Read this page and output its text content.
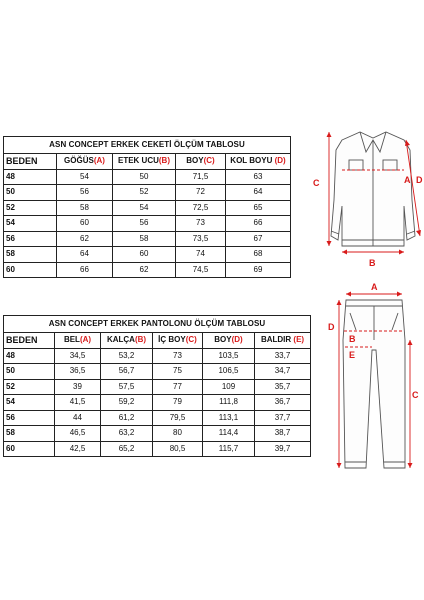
ASN CONCEPT ERKEK CEKETİ ÖLÇÜM TABLOSU				
BEDEN	GÖĞÜS(A)	ETEK UCU(B)	BOY(C)	KOL BOYU (D)
48	54	50	71,5	63
50	56	52	72	64
52	58	54	72,5	65
54	60	56	73	66
56	62	58	73,5	67
58	64	60	74	68
60	66	62	74,5	69
ASN CONCEPT ERKEK PANTOLONU ÖLÇÜM TABLOSU					
BEDEN	BEL(A)	KALÇA(B)	İÇ BOY(C)	BOY(D)	BALDIR (E)
48	34,5	53,2	73	103,5	33,7
50	36,5	56,7	75	106,5	34,7
52	39	57,5	77	109	35,7
54	41,5	59,2	79	111,8	36,7
56	44	61,2	79,5	113,1	37,7
58	46,5	63,2	80	114,4	38,7
60	42,5	65,2	80,5	115,7	39,7
C
B
A D
A
B
D
E
C
